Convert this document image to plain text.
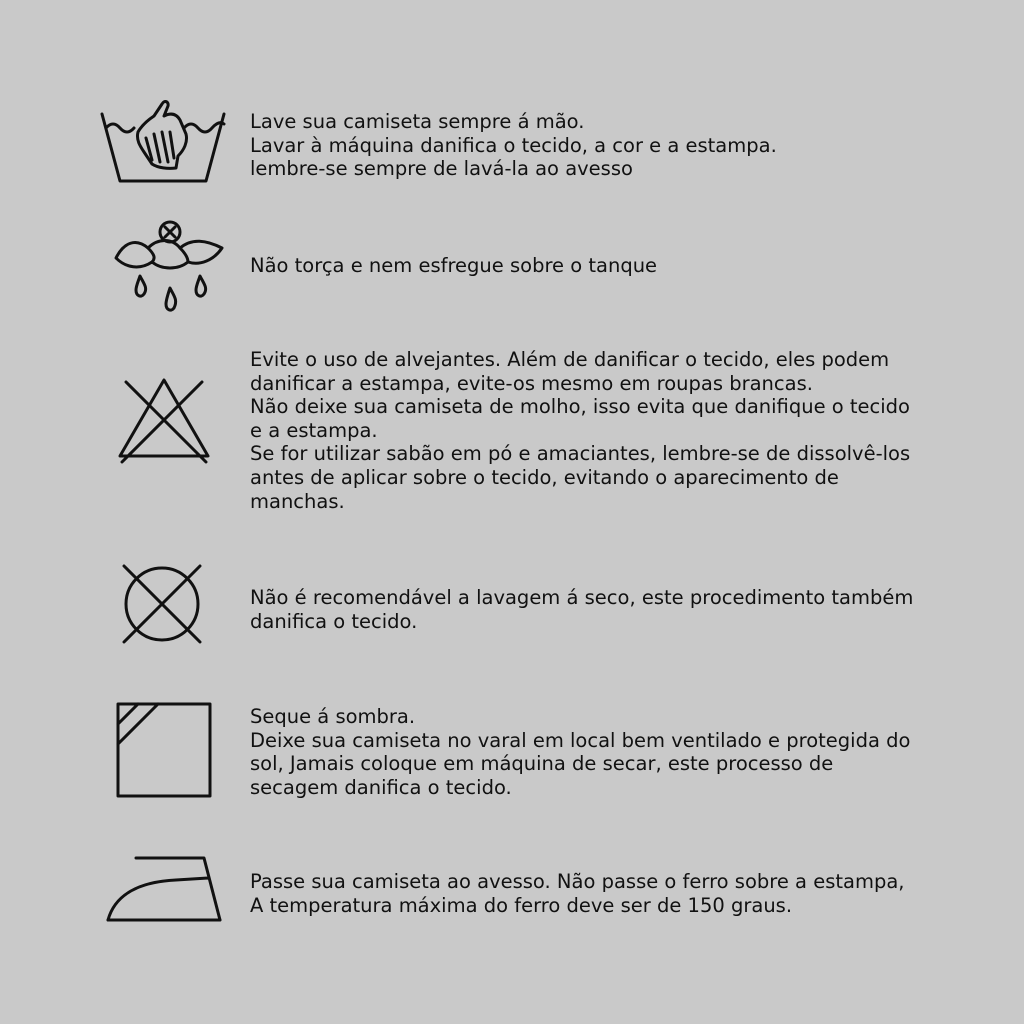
Lave sua camiseta sempre á mão.
Lavar à máquina danifica o tecido, a cor e a estampa.
lembre-se sempre de lavá-la ao avesso
Não torça e nem esfregue sobre o tanque
Evite o uso de alvejantes. Além de danificar o tecido, eles podem
danificar a estampa, evite-os mesmo em roupas brancas.
Não deixe sua camiseta de molho, isso evita que danifique o tecido
e a estampa.
Se for utilizar sabão em pó e amaciantes, lembre-se de dissolvê-los
antes de aplicar sobre o tecido, evitando o aparecimento de
manchas.
Não é recomendável a lavagem á seco, este procedimento também
danifica o tecido.
Seque á sombra.
Deixe sua camiseta no varal em local bem ventilado e protegida do
sol, Jamais coloque em máquina de secar, este processo de
secagem danifica o tecido.
Passe sua camiseta ao avesso. Não passe o ferro sobre a estampa,
A temperatura máxima do ferro deve ser de 150 graus.
